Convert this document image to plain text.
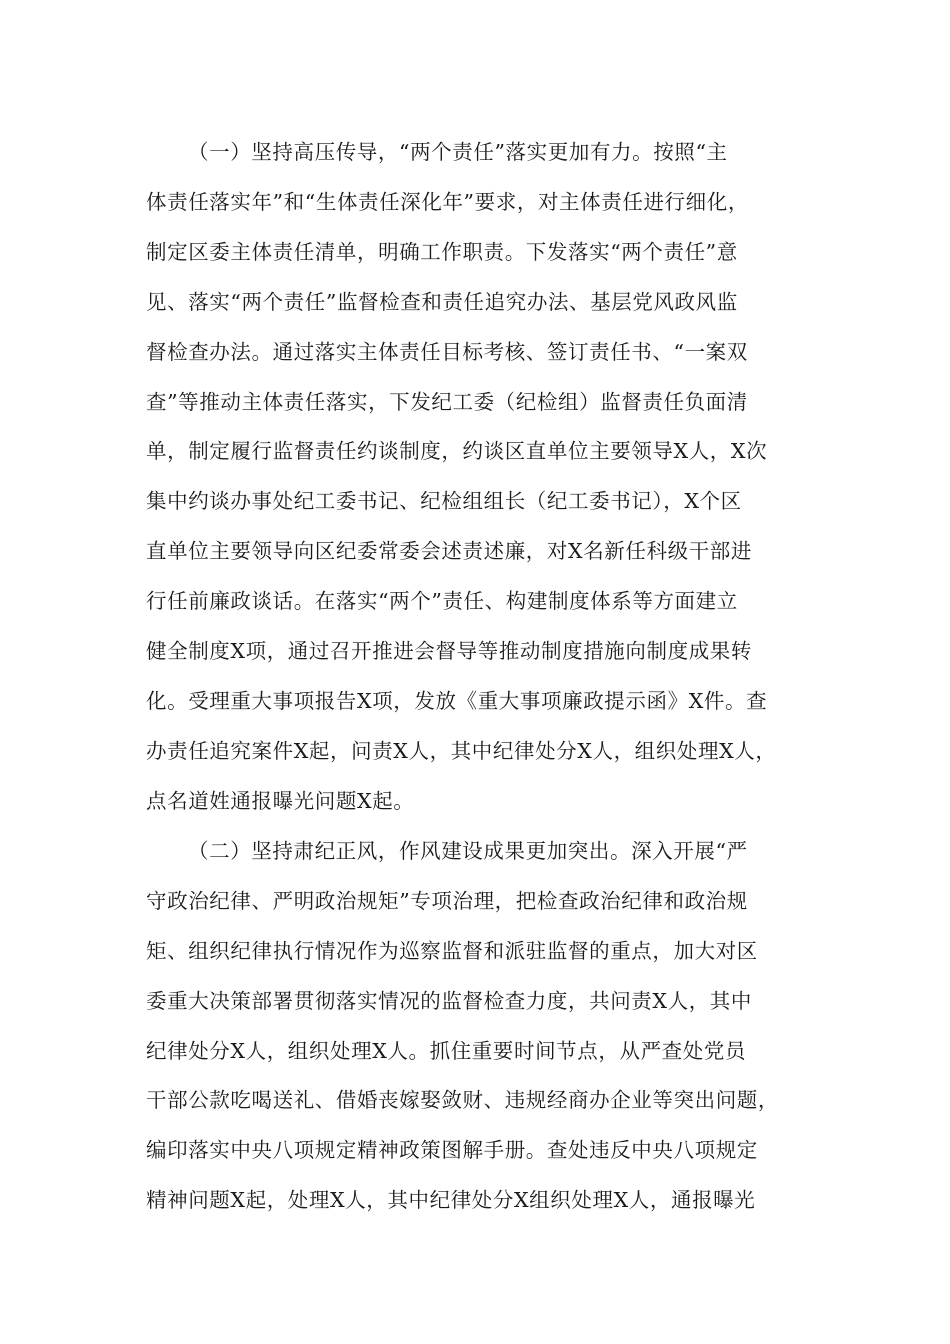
（一）坚持高压传导，“两个责任”落实更加有力。按照“主
体责任落实年”和“生体责任深化年”要求，对主体责任进行细化，
制定区委主体责任清单，明确工作职责。下发落实“两个责任”意
见、落实“两个责任”监督检查和责任追究办法、基层党风政风监
督检查办法。通过落实主体责任目标考核、签订责任书、“一案双
查”等推动主体责任落实，下发纪工委（纪检组）监督责任负面清
单，制定履行监督责任约谈制度，约谈区直单位主要领导X人，X次
集中约谈办事处纪工委书记、纪检组组长（纪工委书记），X个区
直单位主要领导向区纪委常委会述责述廉，对X名新任科级干部进
行任前廉政谈话。在落实“两个”责任、构建制度体系等方面建立
健全制度X项，通过召开推进会督导等推动制度措施向制度成果转
化。受理重大事项报告X项，发放《重大事项廉政提示函》X件。查
办责任追究案件X起，问责X人，其中纪律处分X人，组织处理X人，
点名道姓通报曝光问题X起。
（二）坚持肃纪正风，作风建设成果更加突出。深入开展“严
守政治纪律、严明政治规矩”专项治理，把检查政治纪律和政治规
矩、组织纪律执行情况作为巡察监督和派驻监督的重点，加大对区
委重大决策部署贯彻落实情况的监督检查力度，共问责X人，其中
纪律处分X人，组织处理X人。抓住重要时间节点，从严查处党员
干部公款吃喝送礼、借婚丧嫁娶敛财、违规经商办企业等突出问题，
编印落实中央八项规定精神政策图解手册。查处违反中央八项规定
精神问题X起，处理X人，其中纪律处分X组织处理X人，通报曝光
